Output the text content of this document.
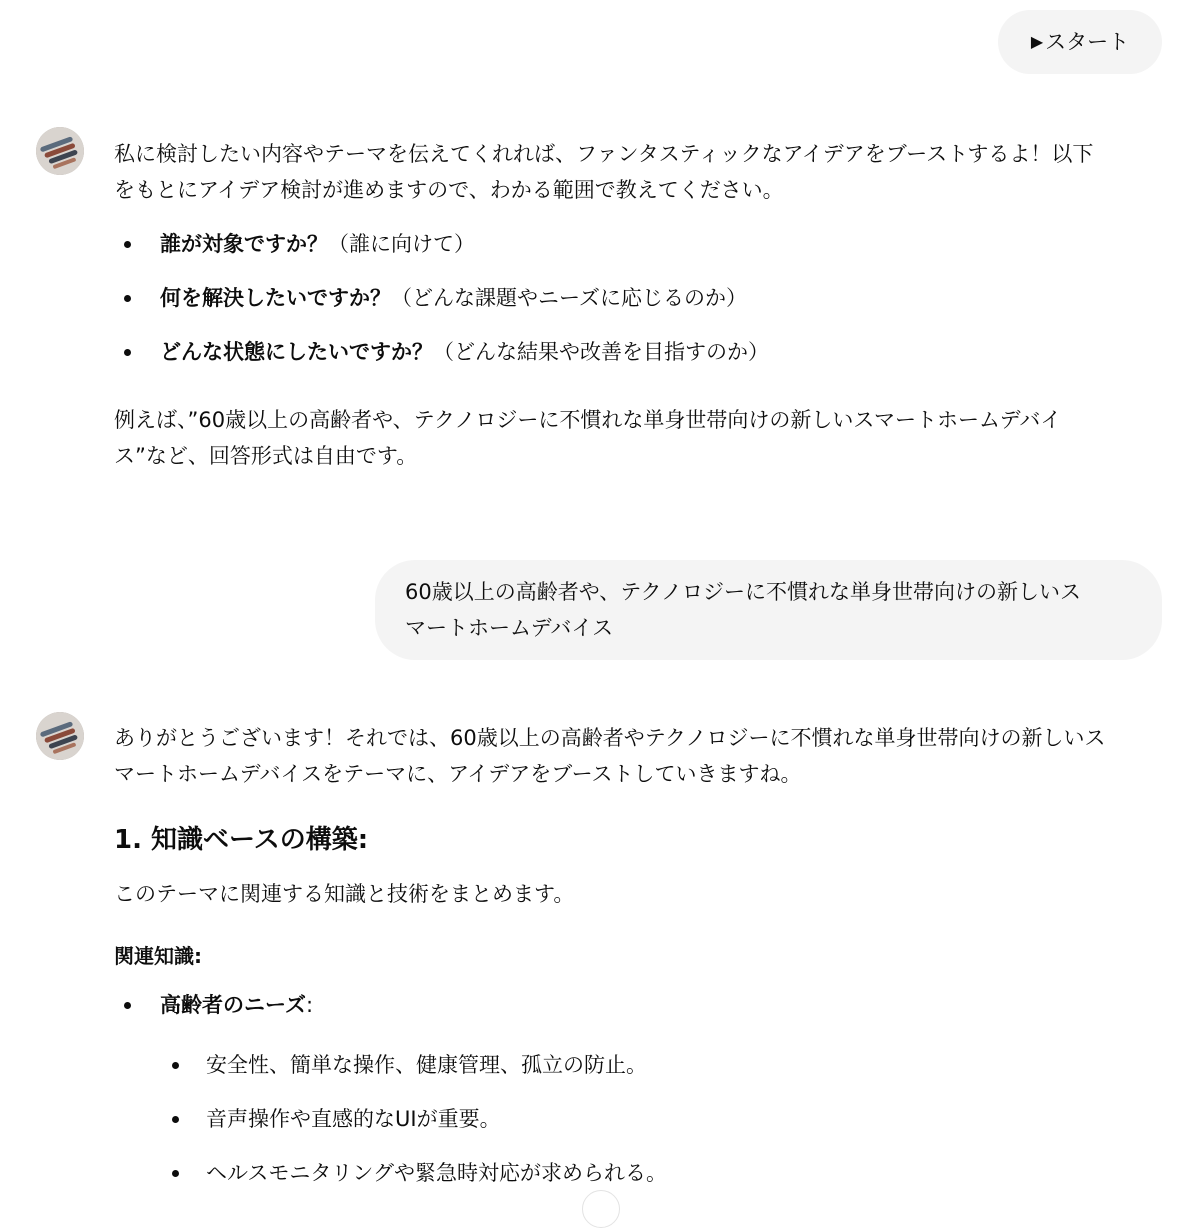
▶ スタート

私に検討したい内容やテーマを伝えてくれれば、ファンタスティックなアイデアをブーストするよ！以下

をもとにアイデア検討が進めますので、わかる範囲で教えてください。

誰が対象ですか？（誰に向けて）
何を解決したいですか？（どんな課題やニーズに応じるのか）
どんな状態にしたいですか？（どんな結果や改善を目指すのか）

例えば、”60歳以上の高齢者や、テクノロジーに不慣れな単身世帯向けの新しいスマートホームデバイ

ス”など、回答形式は自由です。

60歳以上の高齢者や、テクノロジーに不慣れな単身世帯向けの新しいス
マートホームデバイス

ありがとうございます！それでは、60歳以上の高齢者やテクノロジーに不慣れな単身世帯向けの新しいス

マートホームデバイスをテーマに、アイデアをブーストしていきますね。

1. 知識ベースの構築:

このテーマに関連する知識と技術をまとめます。

関連知識:
高齢者のニーズ:
安全性、簡単な操作、健康管理、孤立の防止。
音声操作や直感的なUIが重要。
ヘルスモニタリングや緊急時対応が求められる。
